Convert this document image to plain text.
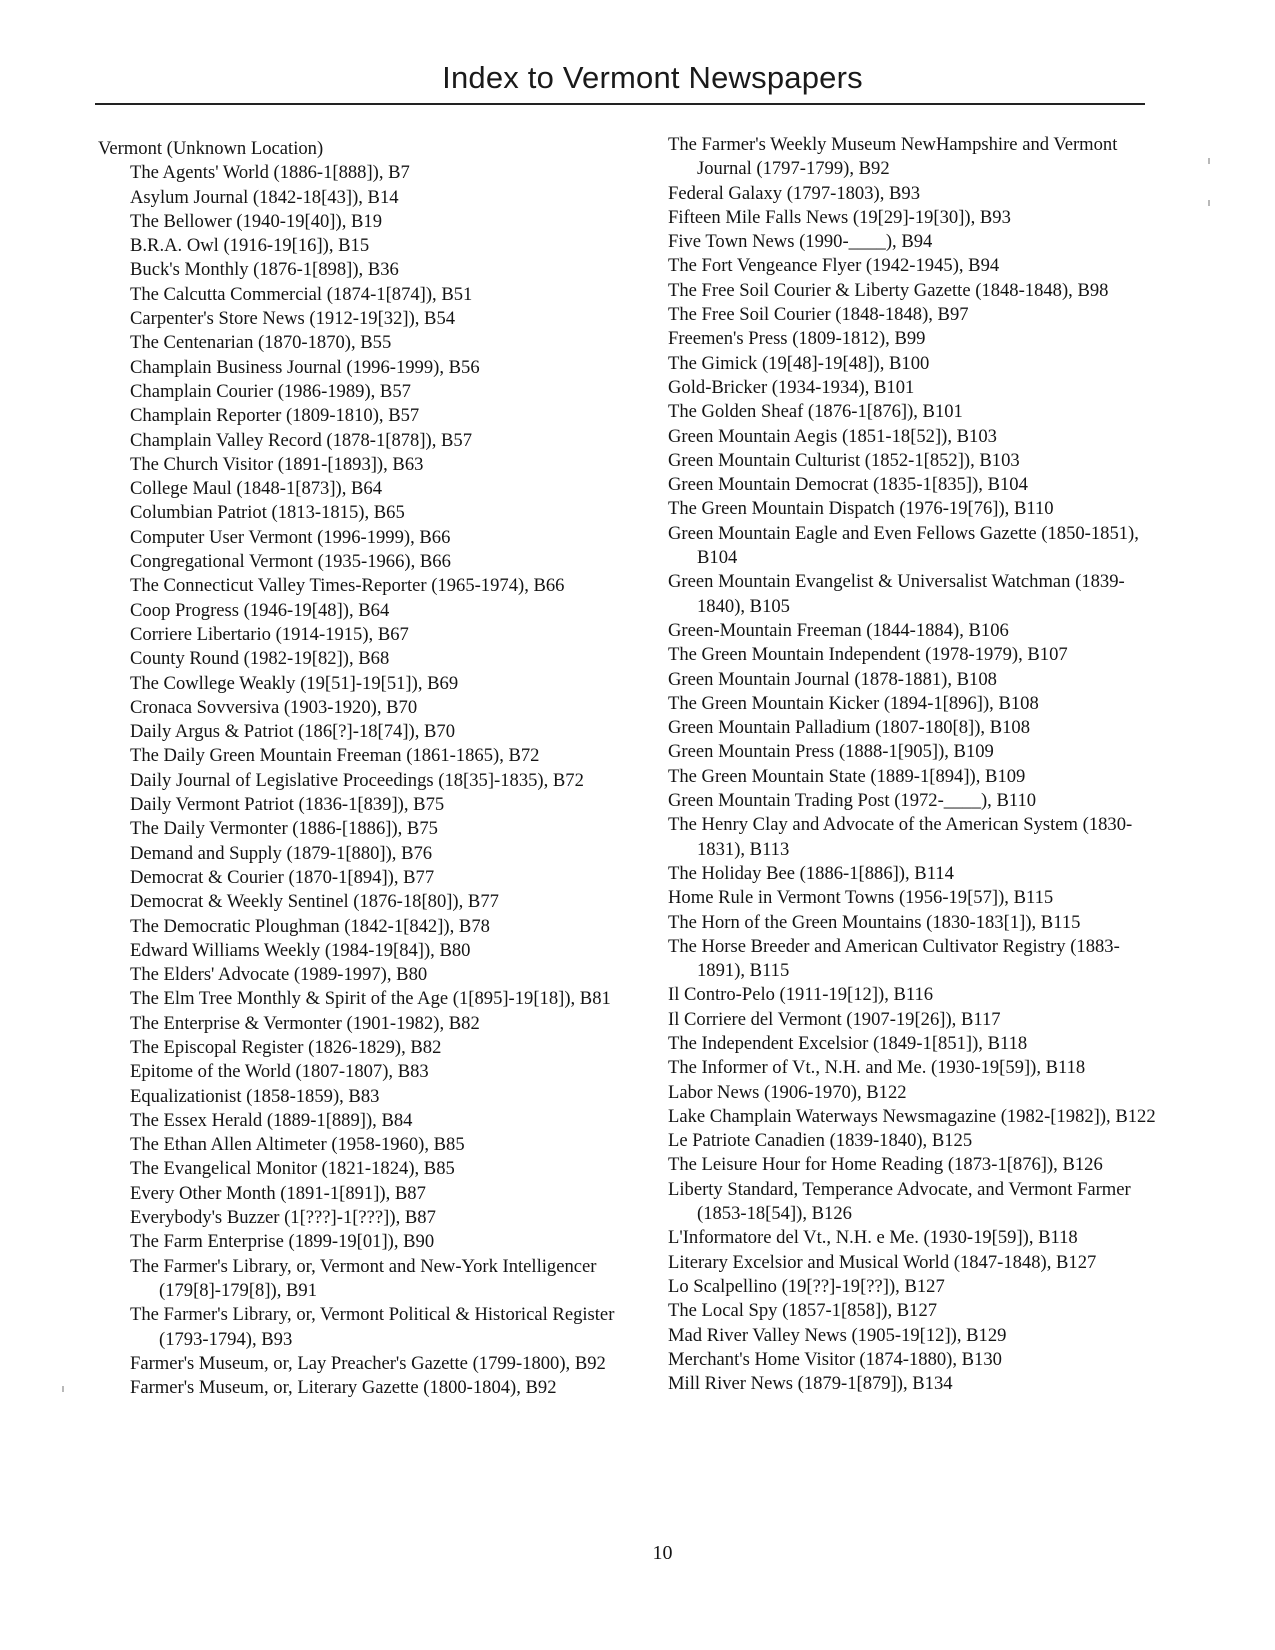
Index to Vermont Newspapers
Vermont (Unknown Location)
The Agents' World (1886-1[888]), B7
Asylum Journal (1842-18[43]), B14
The Bellower (1940-19[40]), B19
B.R.A. Owl (1916-19[16]), B15
Buck's Monthly (1876-1[898]), B36
The Calcutta Commercial (1874-1[874]), B51
Carpenter's Store News (1912-19[32]), B54
The Centenarian (1870-1870), B55
Champlain Business Journal (1996-1999), B56
Champlain Courier (1986-1989), B57
Champlain Reporter (1809-1810), B57
Champlain Valley Record (1878-1[878]), B57
The Church Visitor (1891-[1893]), B63
College Maul (1848-1[873]), B64
Columbian Patriot (1813-1815), B65
Computer User Vermont (1996-1999), B66
Congregational Vermont (1935-1966), B66
The Connecticut Valley Times-Reporter (1965-1974), B66
Coop Progress (1946-19[48]), B64
Corriere Libertario (1914-1915), B67
County Round (1982-19[82]), B68
The Cowllege Weakly (19[51]-19[51]), B69
Cronaca Sovversiva (1903-1920), B70
Daily Argus & Patriot (186[?]-18[74]), B70
The Daily Green Mountain Freeman (1861-1865), B72
Daily Journal of Legislative Proceedings (18[35]-1835), B72
Daily Vermont Patriot (1836-1[839]), B75
The Daily Vermonter (1886-[1886]), B75
Demand and Supply (1879-1[880]), B76
Democrat & Courier (1870-1[894]), B77
Democrat & Weekly Sentinel (1876-18[80]), B77
The Democratic Ploughman (1842-1[842]), B78
Edward Williams Weekly (1984-19[84]), B80
The Elders' Advocate (1989-1997), B80
The Elm Tree Monthly & Spirit of the Age (1[895]-19[18]), B81
The Enterprise & Vermonter (1901-1982), B82
The Episcopal Register (1826-1829), B82
Epitome of the World (1807-1807), B83
Equalizationist (1858-1859), B83
The Essex Herald (1889-1[889]), B84
The Ethan Allen Altimeter (1958-1960), B85
The Evangelical Monitor (1821-1824), B85
Every Other Month (1891-1[891]), B87
Everybody's Buzzer (1[???]-1[???]), B87
The Farm Enterprise (1899-19[01]), B90
The Farmer's Library, or, Vermont and New-York Intelligencer (179[8]-179[8]), B91
The Farmer's Library, or, Vermont Political & Historical Register (1793-1794), B93
Farmer's Museum, or, Lay Preacher's Gazette (1799-1800), B92
Farmer's Museum, or, Literary Gazette (1800-1804), B92
The Farmer's Weekly Museum NewHampshire and Vermont Journal (1797-1799), B92
Federal Galaxy (1797-1803), B93
Fifteen Mile Falls News (19[29]-19[30]), B93
Five Town News (1990-____), B94
The Fort Vengeance Flyer (1942-1945), B94
The Free Soil Courier & Liberty Gazette (1848-1848), B98
The Free Soil Courier (1848-1848), B97
Freemen's Press (1809-1812), B99
The Gimick (19[48]-19[48]), B100
Gold-Bricker (1934-1934), B101
The Golden Sheaf (1876-1[876]), B101
Green Mountain Aegis (1851-18[52]), B103
Green Mountain Culturist (1852-1[852]), B103
Green Mountain Democrat (1835-1[835]), B104
The Green Mountain Dispatch (1976-19[76]), B110
Green Mountain Eagle and Even Fellows Gazette (1850-1851), B104
Green Mountain Evangelist & Universalist Watchman (1839-1840), B105
Green-Mountain Freeman (1844-1884), B106
The Green Mountain Independent (1978-1979), B107
Green Mountain Journal (1878-1881), B108
The Green Mountain Kicker (1894-1[896]), B108
Green Mountain Palladium (1807-180[8]), B108
Green Mountain Press (1888-1[905]), B109
The Green Mountain State (1889-1[894]), B109
Green Mountain Trading Post (1972-____), B110
The Henry Clay and Advocate of the American System (1830-1831), B113
The Holiday Bee (1886-1[886]), B114
Home Rule in Vermont Towns (1956-19[57]), B115
The Horn of the Green Mountains (1830-183[1]), B115
The Horse Breeder and American Cultivator Registry (1883-1891), B115
Il Contro-Pelo (1911-19[12]), B116
Il Corriere del Vermont (1907-19[26]), B117
The Independent Excelsior (1849-1[851]), B118
The Informer of Vt., N.H. and Me. (1930-19[59]), B118
Labor News (1906-1970), B122
Lake Champlain Waterways Newsmagazine (1982-[1982]), B122
Le Patriote Canadien (1839-1840), B125
The Leisure Hour for Home Reading (1873-1[876]), B126
Liberty Standard, Temperance Advocate, and Vermont Farmer (1853-18[54]), B126
L'Informatore del Vt., N.H. e Me. (1930-19[59]), B118
Literary Excelsior and Musical World (1847-1848), B127
Lo Scalpellino (19[??]-19[??]), B127
The Local Spy (1857-1[858]), B127
Mad River Valley News (1905-19[12]), B129
Merchant's Home Visitor (1874-1880), B130
Mill River News (1879-1[879]), B134
10
